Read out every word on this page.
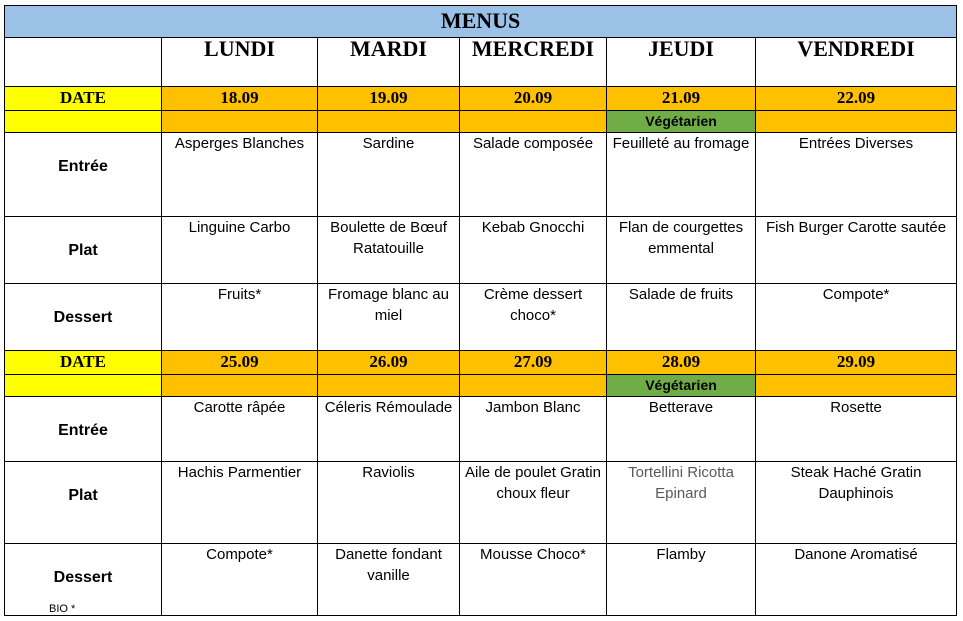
MENUS					
	LUNDI	MARDI	MERCREDI	JEUDI	VENDREDI
DATE	18.09	19.09	20.09	21.09	22.09
				Végétarien	
Entrée	Asperges Blanches	Sardine	Salade composée	Feuilleté au fromage	Entrées Diverses
Plat	Linguine Carbo	Boulette de Bœuf Ratatouille	Kebab Gnocchi	Flan de courgettes emmental	Fish Burger Carotte sautée
Dessert	Fruits*	Fromage blanc au miel	Crème dessert choco*	Salade de fruits	Compote*
DATE	25.09	26.09	27.09	28.09	29.09
				Végétarien	
Entrée	Carotte râpée	Céleris Rémoulade	Jambon Blanc	Betterave	Rosette
Plat	Hachis Parmentier	Raviolis	Aile de poulet Gratin choux fleur	Tortellini Ricotta Epinard	Steak Haché Gratin Dauphinois
Dessert	Compote*	Danette fondant vanille	Mousse Choco*	Flamby	Danone Aromatisé
BIO *
